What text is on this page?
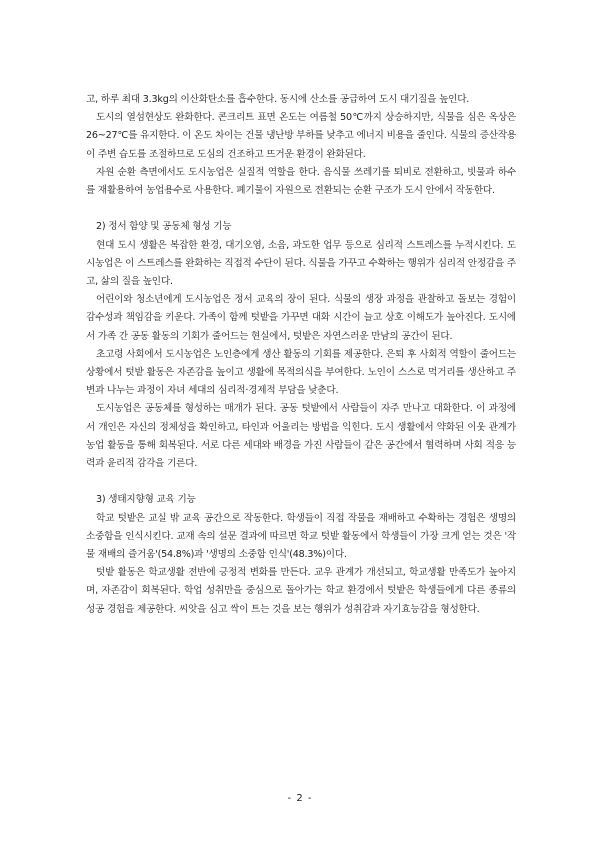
고, 하루 최대 3.3kg의 이산화탄소를 흡수한다. 동시에 산소를 공급하여 도시 대기질을 높인다.

도시의 열섬현상도 완화한다. 콘크리트 표면 온도는 여름철 50℃까지 상승하지만, 식물을 심은 옥상은 26~27℃를 유지한다. 이 온도 차이는 건물 냉난방 부하를 낮추고 에너지 비용을 줄인다. 식물의 증산작용이 주변 습도를 조절하므로 도심의 건조하고 뜨거운 환경이 완화된다.

자원 순환 측면에서도 도시농업은 실질적 역할을 한다. 음식물 쓰레기를 퇴비로 전환하고, 빗물과 하수를 재활용하여 농업용수로 사용한다. 폐기물이 자원으로 전환되는 순환 구조가 도시 안에서 작동한다.

2) 정서 함양 및 공동체 형성 기능

현대 도시 생활은 복잡한 환경, 대기오염, 소음, 과도한 업무 등으로 심리적 스트레스를 누적시킨다. 도시농업은 이 스트레스를 완화하는 직접적 수단이 된다. 식물을 가꾸고 수확하는 행위가 심리적 안정감을 주고, 삶의 질을 높인다.

어린이와 청소년에게 도시농업은 정서 교육의 장이 된다. 식물의 생장 과정을 관찰하고 돌보는 경험이 감수성과 책임감을 키운다. 가족이 함께 텃밭을 가꾸면 대화 시간이 늘고 상호 이해도가 높아진다. 도시에서 가족 간 공동 활동의 기회가 줄어드는 현실에서, 텃밭은 자연스러운 만남의 공간이 된다.

초고령 사회에서 도시농업은 노인층에게 생산 활동의 기회를 제공한다. 은퇴 후 사회적 역할이 줄어드는 상황에서 텃밭 활동은 자존감을 높이고 생활에 목적의식을 부여한다. 노인이 스스로 먹거리를 생산하고 주변과 나누는 과정이 자녀 세대의 심리적·경제적 부담을 낮춘다.

도시농업은 공동체를 형성하는 매개가 된다. 공동 텃밭에서 사람들이 자주 만나고 대화한다. 이 과정에서 개인은 자신의 정체성을 확인하고, 타인과 어울리는 방법을 익힌다. 도시 생활에서 약화된 이웃 관계가 농업 활동을 통해 회복된다. 서로 다른 세대와 배경을 가진 사람들이 같은 공간에서 협력하며 사회 적응 능력과 윤리적 감각을 기른다.

3) 생태지향형 교육 기능

학교 텃밭은 교실 밖 교육 공간으로 작동한다. 학생들이 직접 작물을 재배하고 수확하는 경험은 생명의 소중함을 인식시킨다. 교재 속의 설문 결과에 따르면 학교 텃밭 활동에서 학생들이 가장 크게 얻는 것은 '작물 재배의 즐거움'(54.8%)과 '생명의 소중함 인식'(48.3%)이다.

텃밭 활동은 학교생활 전반에 긍정적 변화를 만든다. 교우 관계가 개선되고, 학교생활 만족도가 높아지며, 자존감이 회복된다. 학업 성취만을 중심으로 돌아가는 학교 환경에서 텃밭은 학생들에게 다른 종류의 성공 경험을 제공한다. 씨앗을 심고 싹이 트는 것을 보는 행위가 성취감과 자기효능감을 형성한다.

- 2 -
